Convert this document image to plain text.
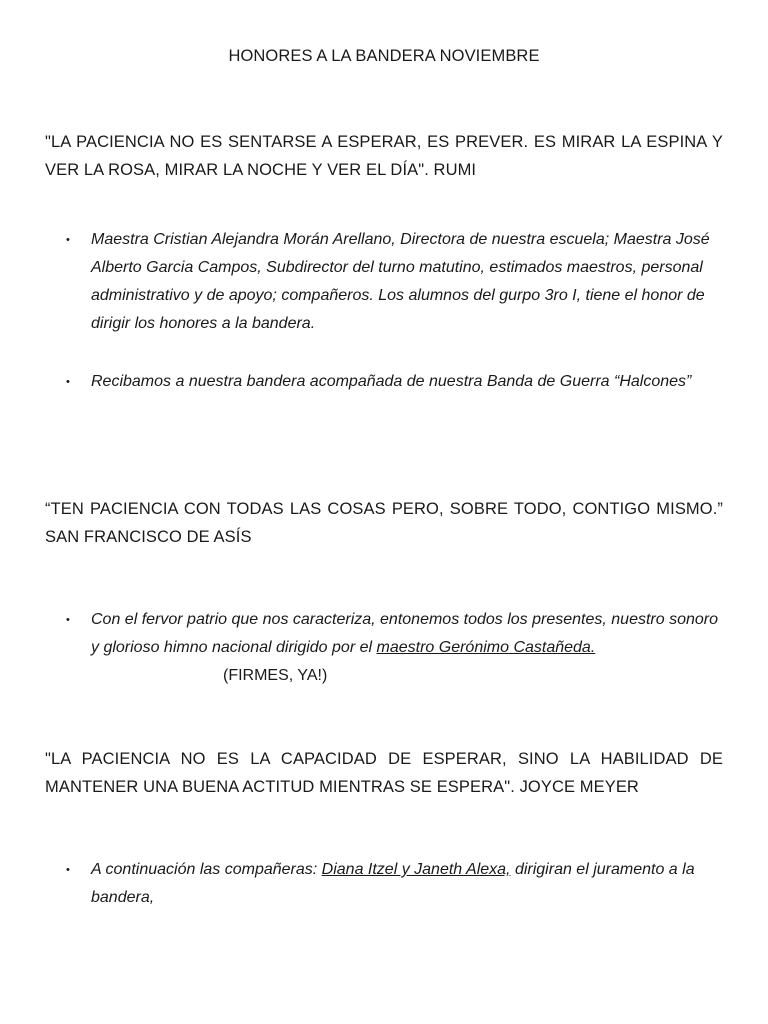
HONORES A LA BANDERA NOVIEMBRE
"LA PACIENCIA NO ES SENTARSE A ESPERAR, ES PREVER. ES MIRAR LA ESPINA Y VER LA ROSA, MIRAR LA NOCHE Y VER EL DÍA". RUMI
• Maestra Cristian Alejandra Morán Arellano, Directora de nuestra escuela; Maestra José Alberto Garcia Campos, Subdirector del turno matutino, estimados maestros, personal administrativo y de apoyo; compañeros. Los alumnos del gurpo 3ro I, tiene el honor de dirigir los honores a la bandera.
• Recibamos a nuestra bandera acompañada de nuestra Banda de Guerra “Halcones”
“TEN PACIENCIA CON TODAS LAS COSAS PERO, SOBRE TODO, CONTIGO MISMO.” SAN FRANCISCO DE ASÍS
• Con el fervor patrio que nos caracteriza, entonemos todos los presentes, nuestro sonoro y glorioso himno nacional dirigido por el maestro Gerónimo Castañeda.
(FIRMES, YA!)
"LA PACIENCIA NO ES LA CAPACIDAD DE ESPERAR, SINO LA HABILIDAD DE MANTENER UNA BUENA ACTITUD MIENTRAS SE ESPERA". JOYCE MEYER
• A continuación las compañeras: Diana Itzel y Janeth Alexa, dirigiran el juramento a la bandera,
